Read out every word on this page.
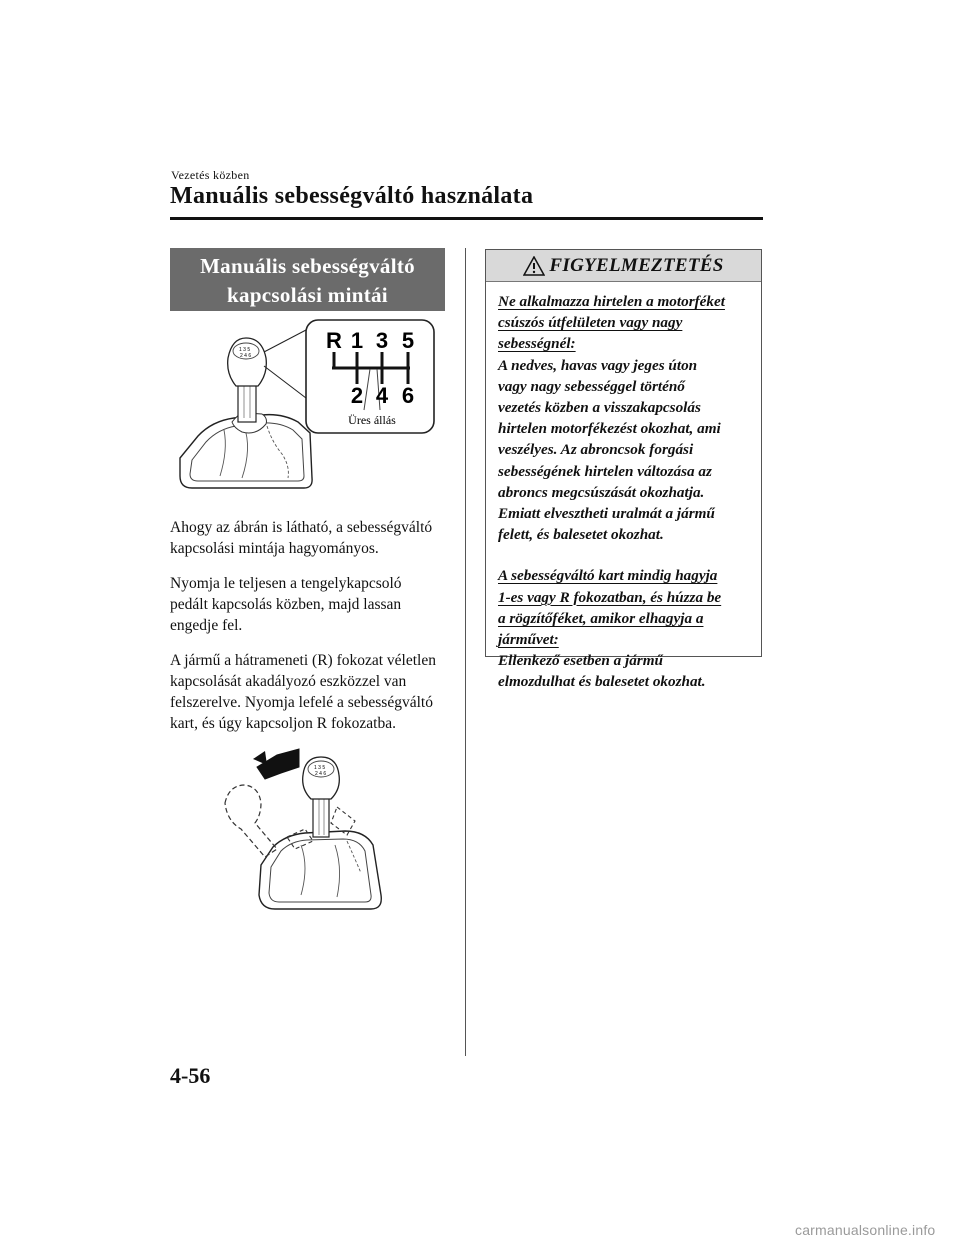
Vezetés közben
Manuális sebességváltó használata
Manuális sebességváltó
kapcsolási mintái
1 3 5
2 4 6
R 1 3 5
2 4 6
Üres állás

Ahogy az ábrán is látható, a sebességváltó
kapcsolási mintája hagyományos.

Nyomja le teljesen a tengelykapcsoló
pedált kapcsolás közben, majd lassan
engedje fel.

A jármű a hátrameneti (R) fokozat véletlen
kapcsolását akadályozó eszközzel van
felszerelve. Nyomja lefelé a sebességváltó
kart, és úgy kapcsoljon R fokozatba.

1 3 5
2 4 6
FIGYELMEZTETÉS

Ne alkalmazza hirtelen a motorféket
csúszós útfelületen vagy nagy
sebességnél:

A nedves, havas vagy jeges úton
vagy nagy sebességgel történő
vezetés közben a visszakapcsolás
hirtelen motorfékezést okozhat, ami
veszélyes. Az abroncsok forgási
sebességének hirtelen változása az
abroncs megcsúszását okozhatja.
Emiatt elvesztheti uralmát a jármű
felett, és balesetet okozhat.

A sebességváltó kart mindig hagyja
1-es vagy R fokozatban, és húzza be
a rögzítőféket, amikor elhagyja a
járművet:

Ellenkező esetben a jármű
elmozdulhat és balesetet okozhat.

4-56
carmanualsonline.info
